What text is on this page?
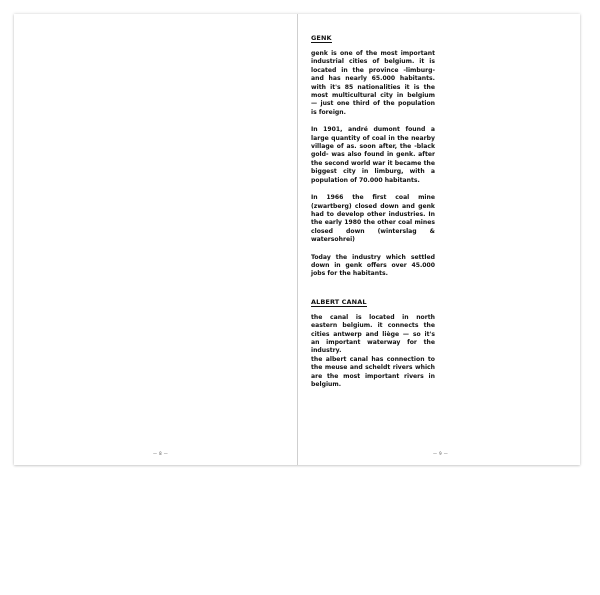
— 8 —
GENK

genk is one of the most important industrial cities of belgium. it is located in the province -limburg- and has nearly 65.000 habitants. with it's 85 nationalities it is the most multicultural city in belgium — just one third of the population is foreign.

In 1901, andré dumont found a large quantity of coal in the nearby village of as. soon after, the -black gold- was also found in genk. after the second world war it became the biggest city in limburg, with a population of 70.000 habitants.

In 1966 the first coal mine (zwartberg) closed down and genk had to develop other industries. In the early 1980 the other coal mines closed down (winterslag & watersohrei)

Today the industry which settled down in genk offers over 45.000 jobs for the habitants.

ALBERT CANAL

the canal is located in north eastern belgium. it connects the cities antwerp and liège — so it's an important waterway for the industry.

the albert canal has connection to the meuse and scheldt rivers which are the most important rivers in belgium.

— 9 —
